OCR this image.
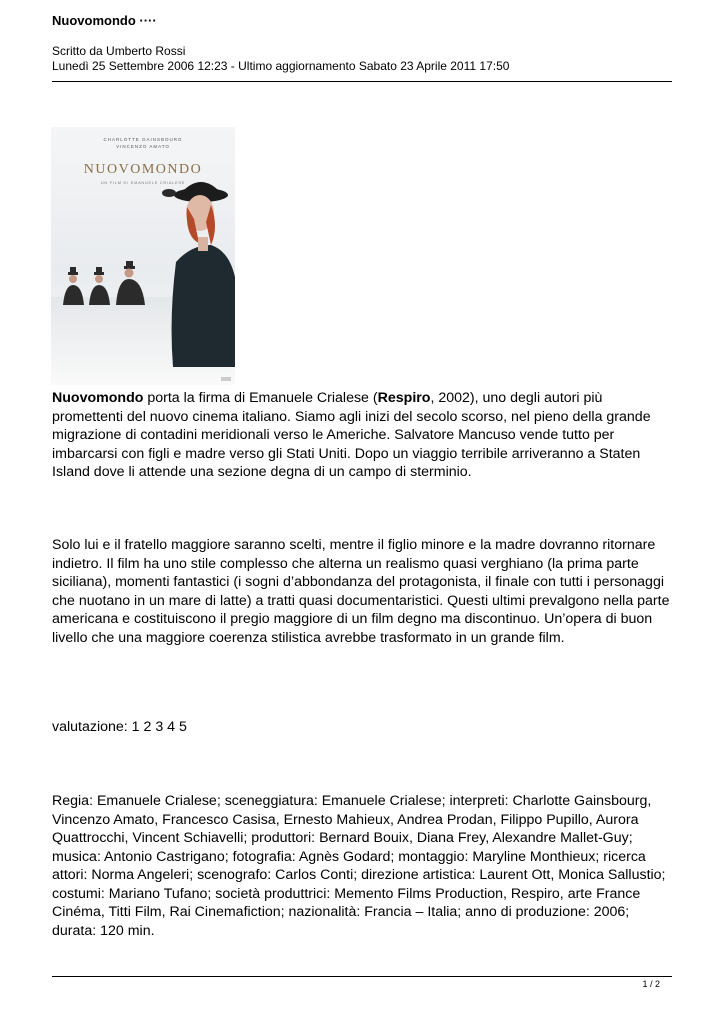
Nuovomondo ····
Scritto da Umberto Rossi
Lunedì 25 Settembre 2006 12:23 - Ultimo aggiornamento Sabato 23 Aprile 2011 17:50
CHARLOTTE GAINSBOURG
VINCENZO AMATO
NUOVOMONDO
UN FILM DI EMANUELE CRIALESE
Nuovomondo porta la firma di Emanuele Crialese (Respiro, 2002), uno degli autori più promettenti del nuovo cinema italiano. Siamo agli inizi del secolo scorso, nel pieno della grande migrazione di contadini meridionali verso le Americhe. Salvatore Mancuso vende tutto per imbarcarsi con figli e madre verso gli Stati Uniti. Dopo un viaggio terribile arriveranno a Staten Island dove li attende una sezione degna di un campo di sterminio.
Solo lui e il fratello maggiore saranno scelti, mentre il figlio minore e la madre dovranno ritornare indietro. Il film ha uno stile complesso che alterna un realismo quasi verghiano (la prima parte siciliana), momenti fantastici (i sogni d’abbondanza del protagonista, il finale con tutti i personaggi che nuotano in un mare di latte) a tratti quasi documentaristici. Questi ultimi prevalgono nella parte americana e costituiscono il pregio maggiore di un film degno ma discontinuo. Un’opera di buon livello che una maggiore coerenza stilistica avrebbe trasformato in un grande film.
valutazione: 1 2 3 4 5
Regia: Emanuele Crialese; sceneggiatura: Emanuele Crialese; interpreti: Charlotte Gainsbourg, Vincenzo Amato, Francesco Casisa, Ernesto Mahieux, Andrea Prodan, Filippo Pupillo, Aurora Quattrocchi, Vincent Schiavelli; produttori: Bernard Bouix, Diana Frey, Alexandre Mallet-Guy; musica: Antonio Castrigano; fotografia: Agnès Godard; montaggio: Maryline Monthieux; ricerca attori: Norma Angeleri; scenografo: Carlos Conti; direzione artistica: Laurent Ott, Monica Sallustio; costumi: Mariano Tufano; società produttrici: Memento Films Production, Respiro, arte France Cinéma, Titti Film, Rai Cinemafiction; nazionalità: Francia – Italia; anno di produzione: 2006; durata: 120 min.
1 / 2
